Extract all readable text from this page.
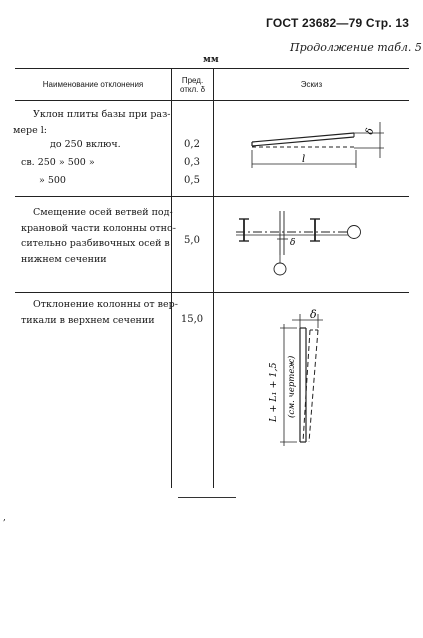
ГОСТ 23682—79 Стр. 13
Продолжение табл. 5
мм
Наименование отклонения	Пред.
откл. δ
Эскиз
Уклон плиты базы при раз-
мере l:
до 250 включ.	0,2
св. 250 » 500 »	0,3
» 500	0,5
δ
l
Смещение осей ветвей под-
крановой части колонны отно-
сительно разбивочных осей в
нижнем сечении
5,0	δ
Отклонение колонны от вер-
тикали в верхнем сечении	15,0	δ
L + L₁ + 1,5 (см. чертеж)
,
